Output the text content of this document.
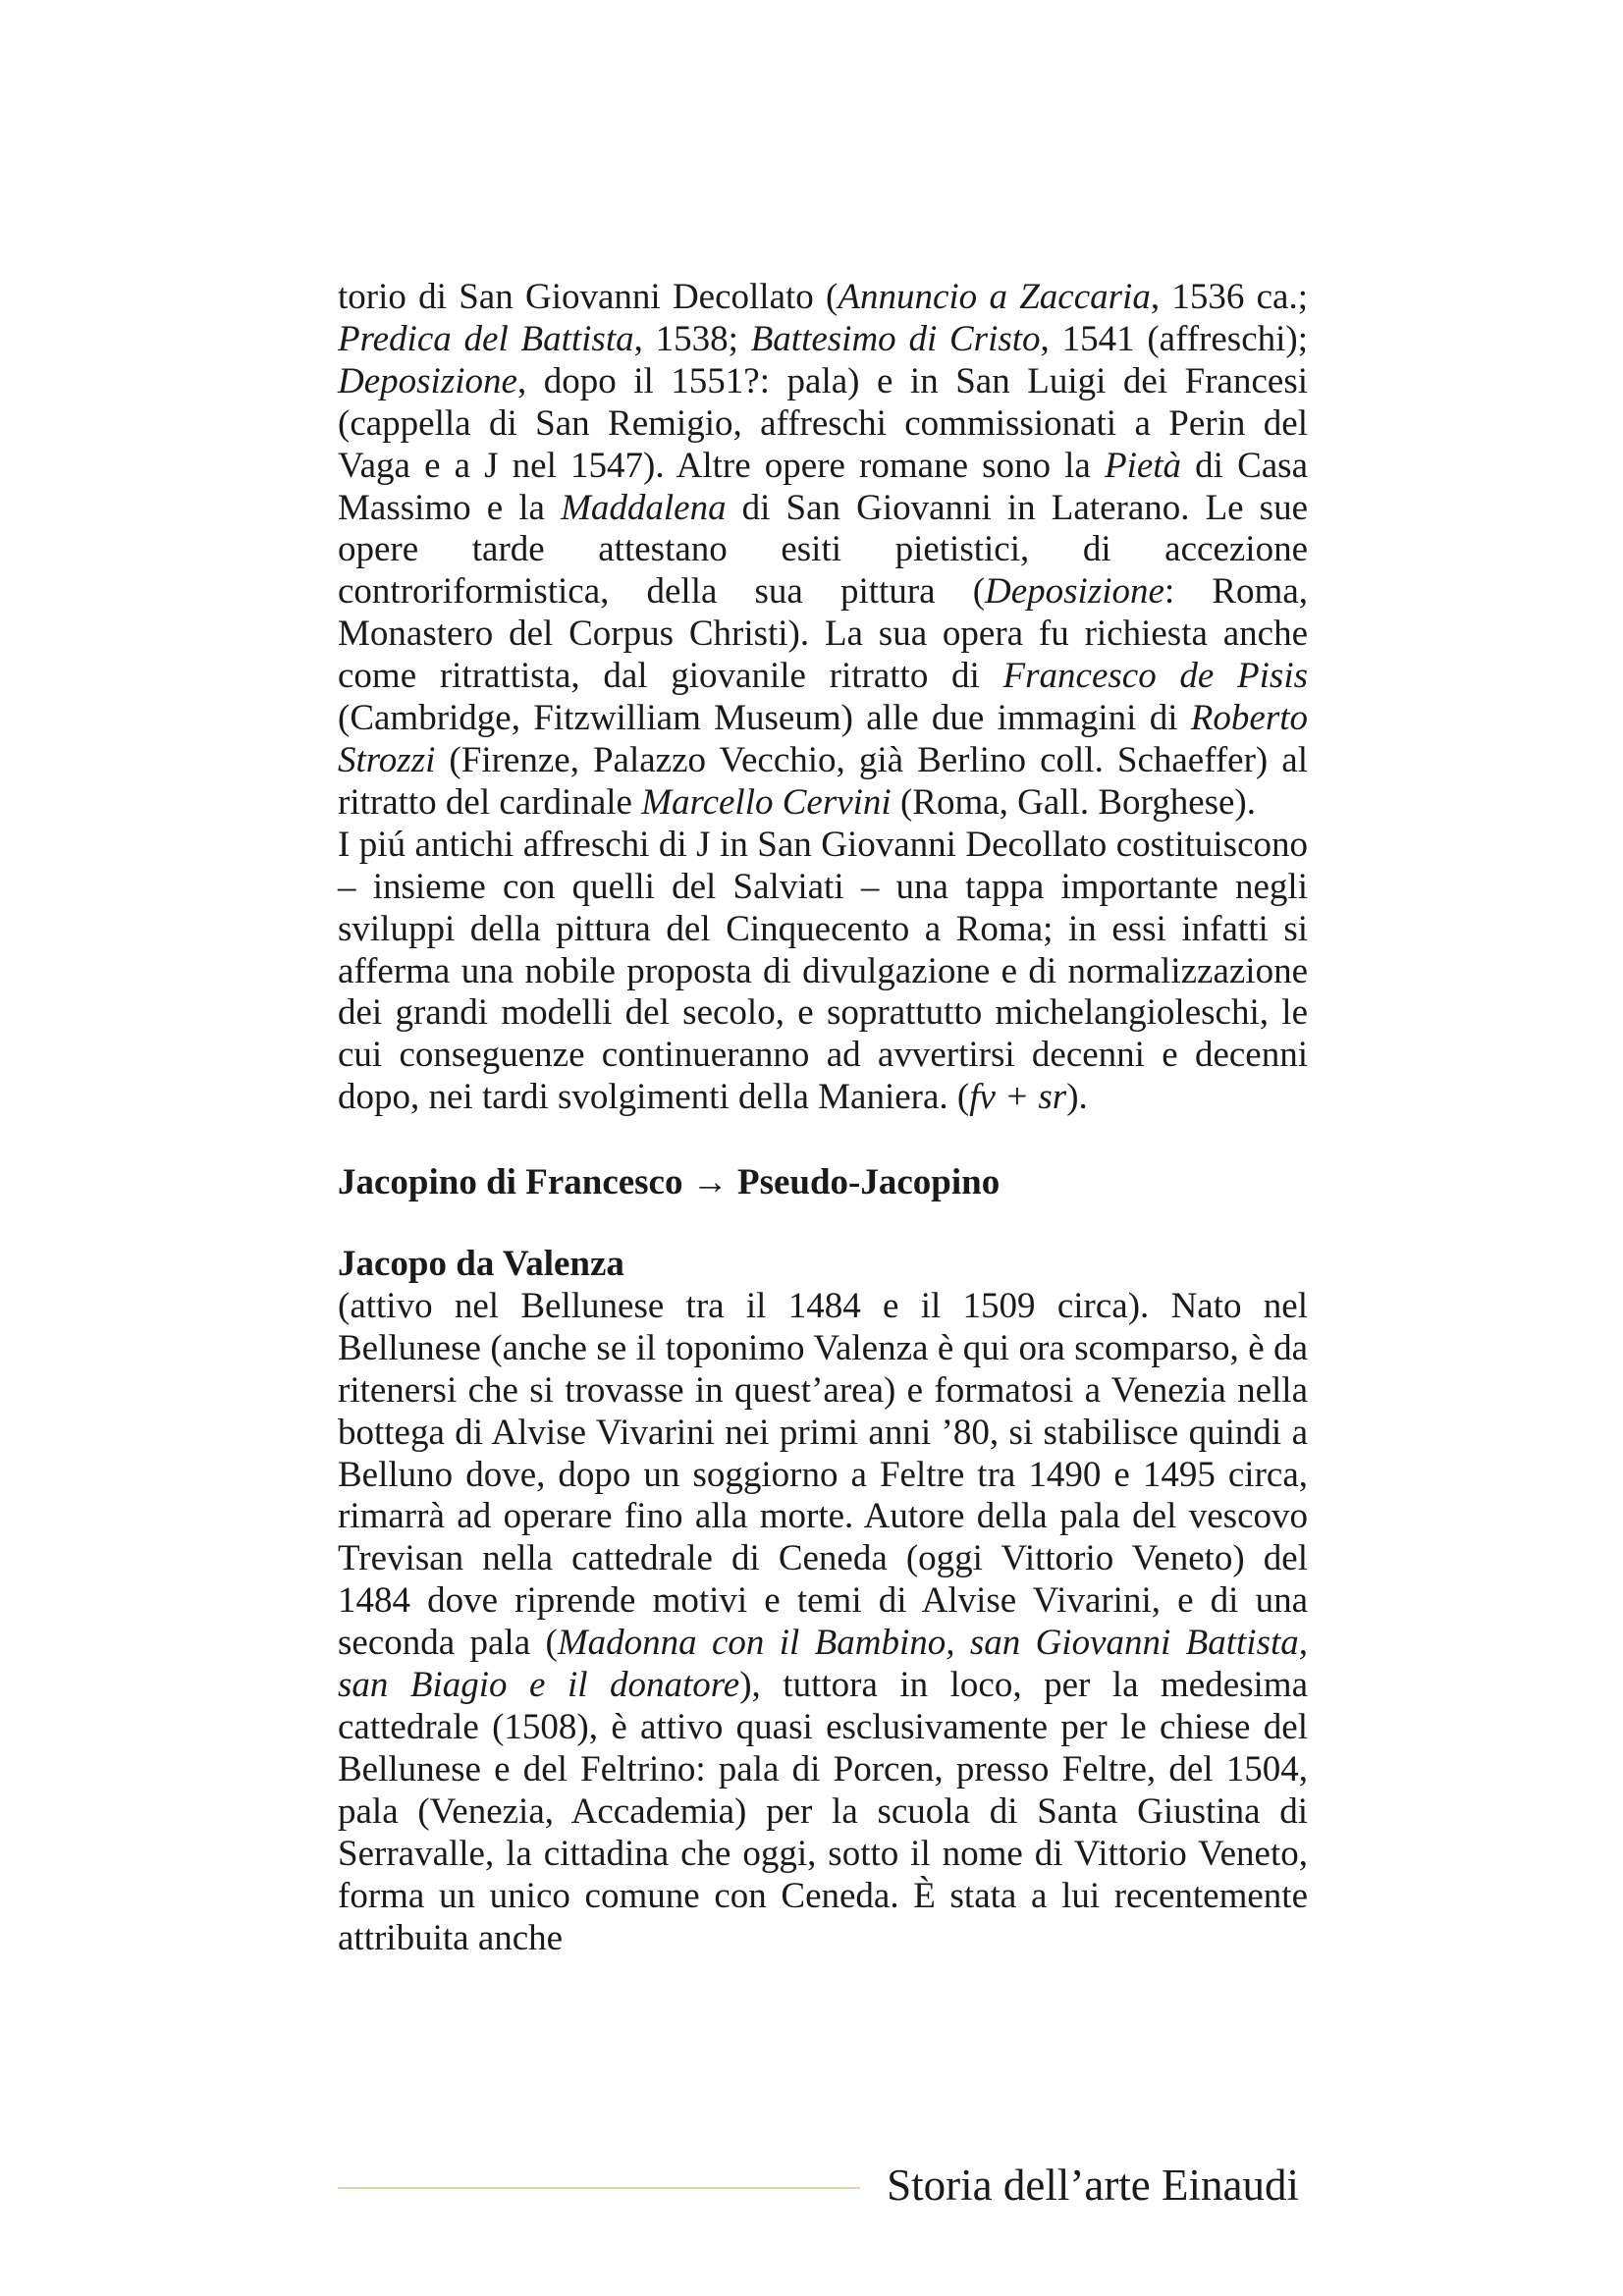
torio di San Giovanni Decollato (Annuncio a Zaccaria, 1536 ca.; Predica del Battista, 1538; Battesimo di Cristo, 1541 (affreschi); Deposizione, dopo il 1551?: pala) e in San Luigi dei Francesi (cappella di San Remigio, affreschi commissionati a Perin del Vaga e a J nel 1547). Altre opere romane sono la Pietà di Casa Massimo e la Maddalena di San Giovanni in Laterano. Le sue opere tarde attestano esiti pietistici, di accezione controriformistica, della sua pittura (Deposizione: Roma, Monastero del Corpus Christi). La sua opera fu richiesta anche come ritrattista, dal giovanile ritratto di Francesco de Pisis (Cambridge, Fitzwilliam Museum) alle due immagini di Roberto Strozzi (Firenze, Palazzo Vecchio, già Berlino coll. Schaeffer) al ritratto del cardinale Marcello Cervini (Roma, Gall. Borghese).

I piú antichi affreschi di J in San Giovanni Decollato costituiscono – insieme con quelli del Salviati – una tappa importante negli sviluppi della pittura del Cinquecento a Roma; in essi infatti si afferma una nobile proposta di divulgazione e di normalizzazione dei grandi modelli del secolo, e soprattutto michelangioleschi, le cui conseguenze continueranno ad avvertirsi decenni e decenni dopo, nei tardi svolgimenti della Maniera. (fv + sr).

Jacopino di Francesco → Pseudo-Jacopino

Jacopo da Valenza

(attivo nel Bellunese tra il 1484 e il 1509 circa). Nato nel Bellunese (anche se il toponimo Valenza è qui ora scomparso, è da ritenersi che si trovasse in quest’area) e formatosi a Venezia nella bottega di Alvise Vivarini nei primi anni ’80, si stabilisce quindi a Belluno dove, dopo un soggiorno a Feltre tra 1490 e 1495 circa, rimarrà ad operare fino alla morte. Autore della pala del vescovo Trevisan nella cattedrale di Ceneda (oggi Vittorio Veneto) del 1484 dove riprende motivi e temi di Alvise Vivarini, e di una seconda pala (Madonna con il Bambino, san Giovanni Battista, san Biagio e il donatore), tuttora in loco, per la medesima cattedrale (1508), è attivo quasi esclusivamente per le chiese del Bellunese e del Feltrino: pala di Porcen, presso Feltre, del 1504, pala (Venezia, Accademia) per la scuola di Santa Giustina di Serravalle, la cittadina che oggi, sotto il nome di Vittorio Veneto, forma un unico comune con Ceneda. È stata a lui recentemente attribuita anche

Storia dell’arte Einaudi
